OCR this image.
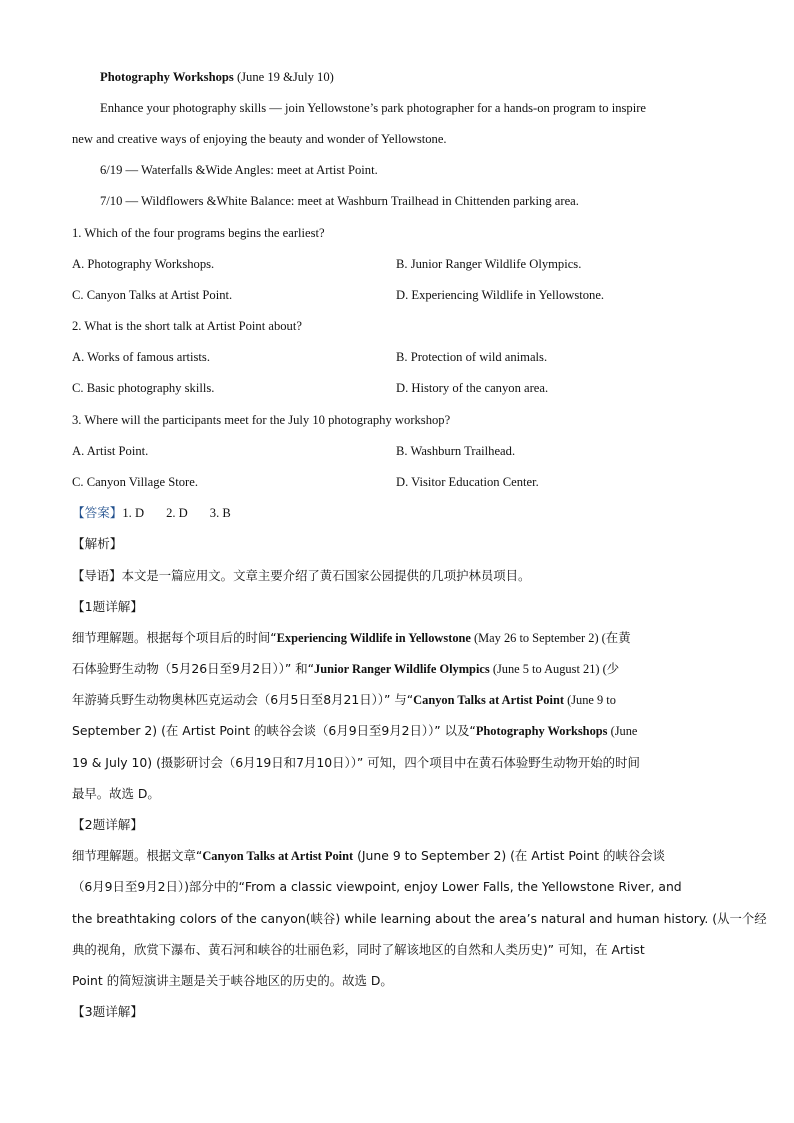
Photography Workshops (June 19 &July 10)
Enhance your photography skills — join Yellowstone’s park photographer for a hands-on program to inspire
new and creative ways of enjoying the beauty and wonder of Yellowstone.
6/19 — Waterfalls &Wide Angles: meet at Artist Point.
7/10 — Wildflowers &White Balance: meet at Washburn Trailhead in Chittenden parking area.
1. Which of the four programs begins the earliest?
A. Photography Workshops.	B. Junior Ranger Wildlife Olympics.
C. Canyon Talks at Artist Point.	D. Experiencing Wildlife in Yellowstone.
2. What is the short talk at Artist Point about?
A. Works of famous artists.	B. Protection of wild animals.
C. Basic photography skills.	D. History of the canyon area.
3. Where will the participants meet for the July 10 photography workshop?
A. Artist Point.	B. Washburn Trailhead.
C. Canyon Village Store.	D. Visitor Education Center.
【答案】1. D 2. D 3. B
【解析】
【导语】本文是一篇应用文。文章主要介绍了黄石国家公园提供的几项护林员项目。
【1题详解】
细节理解题。根据每个项目后的时间“Experiencing Wildlife in Yellowstone (May 26 to September 2) (在黄
石体验野生动物（5月26日至9月2日））” 和“Junior Ranger Wildlife Olympics (June 5 to August 21) (少
年游骑兵野生动物奥林匹克运动会（6月5日至8月21日））” 与“Canyon Talks at Artist Point (June 9 to
September 2) (在 Artist Point 的峡谷会谈（6月9日至9月2日））” 以及“Photography Workshops (June
19 & July 10) (摄影研讨会（6月19日和7月10日））” 可知，四个项目中在黄石体验野生动物开始的时间
最早。故选 D。
【2题详解】
细节理解题。根据文章“Canyon Talks at Artist Point (June 9 to September 2) (在 Artist Point 的峡谷会谈
（6月9日至9月2日）)部分中的“From a classic viewpoint, enjoy Lower Falls, the Yellowstone River, and
the breathtaking colors of the canyon(峡谷) while learning about the area’s natural and human history. (从一个经
典的视角，欣赏下瀑布、黄石河和峡谷的壮丽色彩，同时了解该地区的自然和人类历史)” 可知，在 Artist
Point 的简短演讲主题是关于峡谷地区的历史的。故选 D。
【3题详解】
